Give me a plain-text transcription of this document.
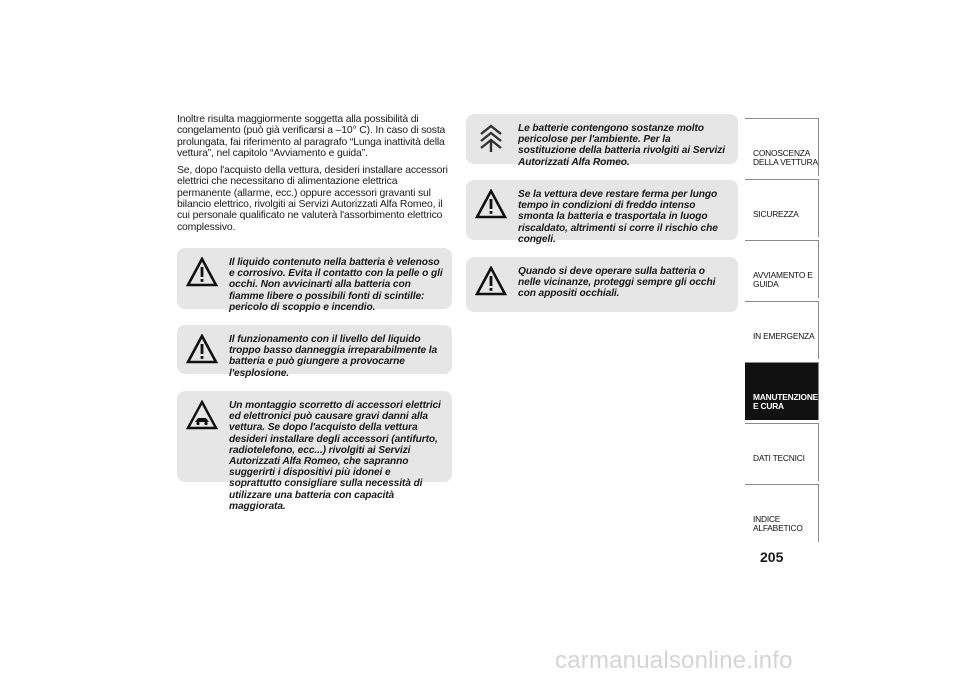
Inoltre risulta maggiormente soggetta alla possibilità di congelamento (può già verificarsi a –10° C). In caso di sosta prolungata, fai riferimento al paragrafo “Lunga inattività della vettura”, nel capitolo “Avviamento e guida”.

Se, dopo l'acquisto della vettura, desideri installare accessori elettrici che necessitano di alimentazione elettrica permanente (allarme, ecc.) oppure accessori gravanti sul bilancio elettrico, rivolgiti ai Servizi Autorizzati Alfa Romeo, il cui personale qualificato ne valuterà l'assorbimento elettrico complessivo.

Il liquido contenuto nella batteria è velenoso e corrosivo. Evita il contatto con la pelle o gli occhi. Non avvicinarti alla batteria con fiamme libere o possibili fonti di scintille: pericolo di scoppio e incendio.
Il funzionamento con il livello del liquido troppo basso danneggia irreparabilmente la batteria e può giungere a provocarne l'esplosione.
Un montaggio scorretto di accessori elettrici ed elettronici può causare gravi danni alla vettura. Se dopo l'acquisto della vettura desideri installare degli accessori (antifurto, radiotelefono, ecc...) rivolgiti ai Servizi Autorizzati Alfa Romeo, che sapranno suggerirti i dispositivi più idonei e soprattutto consigliare sulla necessità di utilizzare una batteria con capacità maggiorata.
Le batterie contengono sostanze molto pericolose per l'ambiente. Per la sostituzione della batteria rivolgiti ai Servizi Autorizzati Alfa Romeo.
Se la vettura deve restare ferma per lungo tempo in condizioni di freddo intenso smonta la batteria e trasportala in luogo riscaldato, altrimenti si corre il rischio che congeli.
Quando si deve operare sulla batteria o nelle vicinanze, proteggi sempre gli occhi con appositi occhiali.
CONOSCENZA DELLA VETTURA
SICUREZZA
AVVIAMENTO E GUIDA
IN EMERGENZA
MANUTENZIONE E CURA
DATI TECNICI
INDICE ALFABETICO
205
carmanualsonline.info
